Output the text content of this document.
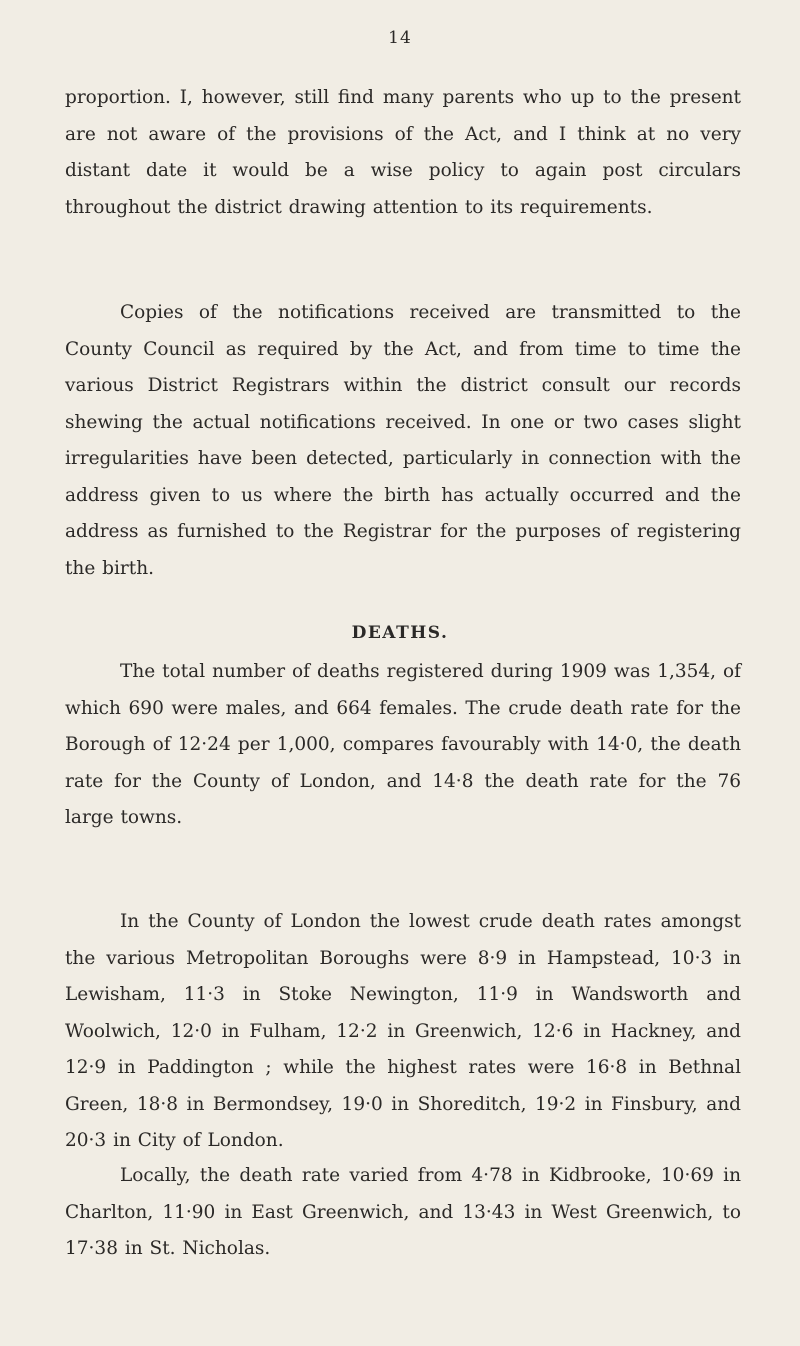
14

proportion. I, however, still find many parents who up to the present are not aware of the provisions of the Act, and I think at no very distant date it would be a wise policy to again post circulars throughout the district drawing attention to its requirements.

Copies of the notifications received are transmitted to the County Council as required by the Act, and from time to time the various District Registrars within the district consult our records shewing the actual notifications received. In one or two cases slight irregularities have been detected, particularly in connection with the address given to us where the birth has actually occurred and the address as furnished to the Registrar for the purposes of registering the birth.

DEATHS.

The total number of deaths registered during 1909 was 1,354, of which 690 were males, and 664 females. The crude death rate for the Borough of 12·24 per 1,000, compares favourably with 14·0, the death rate for the County of London, and 14·8 the death rate for the 76 large towns.

In the County of London the lowest crude death rates amongst the various Metropolitan Boroughs were 8·9 in Hampstead, 10·3 in Lewisham, 11·3 in Stoke Newington, 11·9 in Wandsworth and Woolwich, 12·0 in Fulham, 12·2 in Greenwich, 12·6 in Hackney, and 12·9 in Paddington ; while the highest rates were 16·8 in Bethnal Green, 18·8 in Bermondsey, 19·0 in Shoreditch, 19·2 in Finsbury, and 20·3 in City of London.

Locally, the death rate varied from 4·78 in Kidbrooke, 10·69 in Charlton, 11·90 in East Greenwich, and 13·43 in West Greenwich, to 17·38 in St. Nicholas.
